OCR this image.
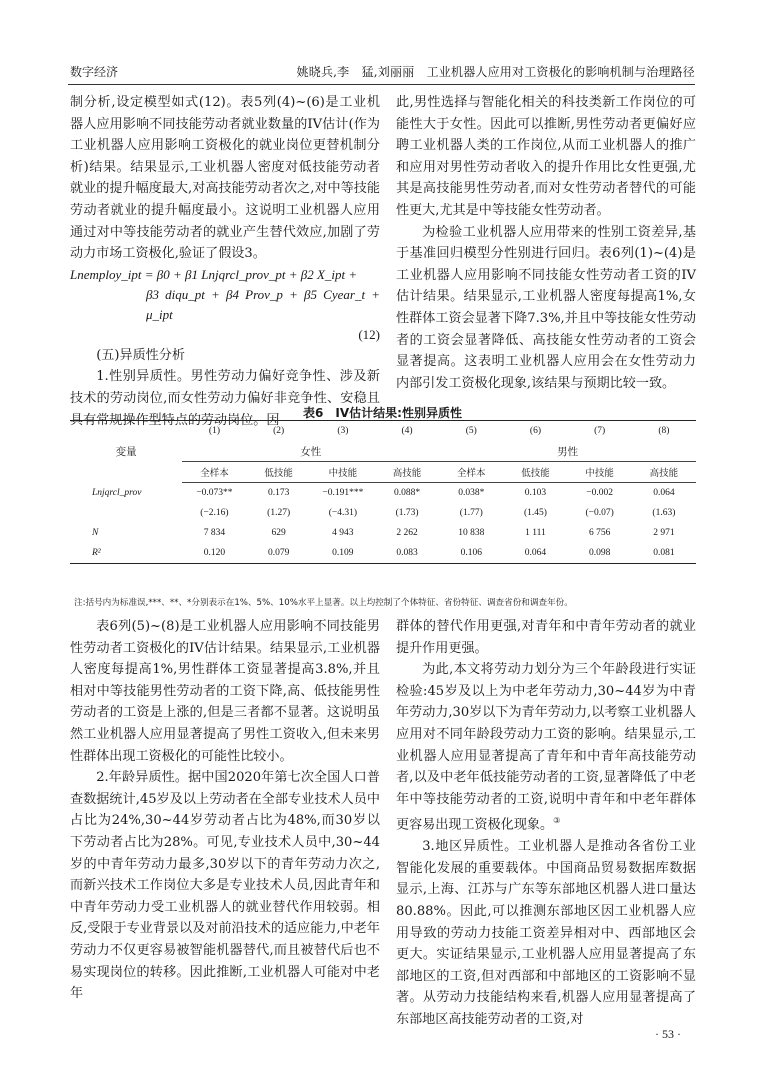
数字经济	姚晓兵,李　猛,刘丽丽　工业机器人应用对工资极化的影响机制与治理路径

制分析,设定模型如式(12)。表5列(4)~(6)是工业机器人应用影响不同技能劳动者就业数量的IV估计(作为工业机器人应用影响工资极化的就业岗位更替机制分析)结果。结果显示,工业机器人密度对低技能劳动者就业的提升幅度最大,对高技能劳动者次之,对中等技能劳动者就业的提升幅度最小。这说明工业机器人应用通过对中等技能劳动者的就业产生替代效应,加剧了劳动力市场工资极化,验证了假设3。

Lnemploy_ipt = β0 + β1 Lnjqrcl_prov_pt + β2 X_ipt +
β3 diqu_pt + β4 Prov_p + β5 Cyear_t + μ_ipt
(12)

(五)异质性分析

1.性别异质性。男性劳动力偏好竞争性、涉及新技术的劳动岗位,而女性劳动力偏好非竞争性、安稳且具有常规操作型特点的劳动岗位。因

此,男性选择与智能化相关的科技类新工作岗位的可能性大于女性。因此可以推断,男性劳动者更偏好应聘工业机器人类的工作岗位,从而工业机器人的推广和应用对男性劳动者收入的提升作用比女性更强,尤其是高技能男性劳动者,而对女性劳动者替代的可能性更大,尤其是中等技能女性劳动者。

为检验工业机器人应用带来的性别工资差异,基于基准回归模型分性别进行回归。表6列(1)~(4)是工业机器人应用影响不同技能女性劳动者工资的IV估计结果。结果显示,工业机器人密度每提高1%,女性群体工资会显著下降7.3%,并且中等技能女性劳动者的工资会显著降低、高技能女性劳动者的工资会显著提高。这表明工业机器人应用会在女性劳动力内部引发工资极化现象,该结果与预期比较一致。

表6　IV估计结果:性别异质性
变量	(1)	(2)	(3)	(4)	(5)	(6)	(7)	(8)
	女性				男性			
	全样本	低技能	中技能	高技能	全样本	低技能	中技能	高技能
Lnjqrcl_prov	−0.073**	0.173	−0.191***	0.088*	0.038*	0.103	−0.002	0.064
	(−2.16)	(1.27)	(−4.31)	(1.73)	(1.77)	(1.45)	(−0.07)	(1.63)
N	7 834	629	4 943	2 262	10 838	1 111	6 756	2 971
R²	0.120	0.079	0.109	0.083	0.106	0.064	0.098	0.081
注:括号内为标准误,***、**、*分别表示在1%、5%、10%水平上显著。以上均控制了个体特征、省份特征、调查省份和调查年份。

表6列(5)~(8)是工业机器人应用影响不同技能男性劳动者工资极化的IV估计结果。结果显示,工业机器人密度每提高1%,男性群体工资显著提高3.8%,并且相对中等技能男性劳动者的工资下降,高、低技能男性劳动者的工资是上涨的,但是三者都不显著。这说明虽然工业机器人应用显著提高了男性工资收入,但未来男性群体出现工资极化的可能性比较小。

2.年龄异质性。据中国2020年第七次全国人口普查数据统计,45岁及以上劳动者在全部专业技术人员中占比为24%,30~44岁劳动者占比为48%,而30岁以下劳动者占比为28%。可见,专业技术人员中,30~44岁的中青年劳动力最多,30岁以下的青年劳动力次之,而新兴技术工作岗位大多是专业技术人员,因此青年和中青年劳动力受工业机器人的就业替代作用较弱。相反,受限于专业背景以及对前沿技术的适应能力,中老年劳动力不仅更容易被智能机器替代,而且被替代后也不易实现岗位的转移。因此推断,工业机器人可能对中老年

群体的替代作用更强,对青年和中青年劳动者的就业提升作用更强。

为此,本文将劳动力划分为三个年龄段进行实证检验:45岁及以上为中老年劳动力,30~44岁为中青年劳动力,30岁以下为青年劳动力,以考察工业机器人应用对不同年龄段劳动力工资的影响。结果显示,工业机器人应用显著提高了青年和中青年高技能劳动者,以及中老年低技能劳动者的工资,显著降低了中老年中等技能劳动者的工资,说明中青年和中老年群体更容易出现工资极化现象。③

3.地区异质性。工业机器人是推动各省份工业智能化发展的重要载体。中国商品贸易数据库数据显示,上海、江苏与广东等东部地区机器人进口量达80.88%。因此,可以推测东部地区因工业机器人应用导致的劳动力技能工资差异相对中、西部地区会更大。实证结果显示,工业机器人应用显著提高了东部地区的工资,但对西部和中部地区的工资影响不显著。从劳动力技能结构来看,机器人应用显著提高了东部地区高技能劳动者的工资,对

· 53 ·
